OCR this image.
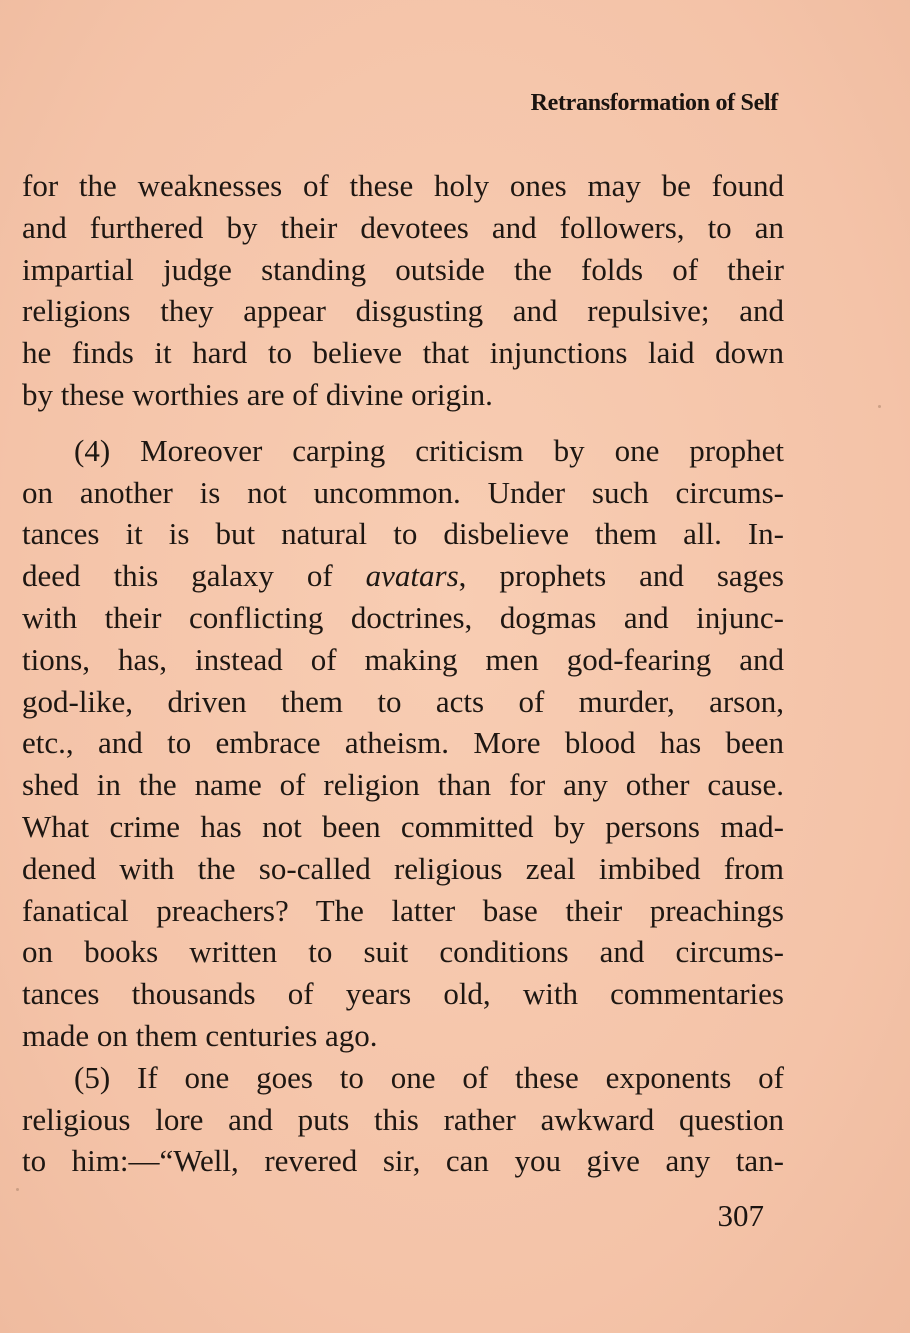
Retransformation of Self
for the weaknesses of these holy ones may be found
and furthered by their devotees and followers, to an
impartial judge standing outside the folds of their
religions they appear disgusting and repulsive; and
he finds it hard to believe that injunctions laid down
by these worthies are of divine origin.
(4) Moreover carping criticism by one prophet
on another is not uncommon. Under such circums-
tances it is but natural to disbelieve them all. In-
deed this galaxy of avatars, prophets and sages
with their conflicting doctrines, dogmas and injunc-
tions, has, instead of making men god-fearing and
god-like, driven them to acts of murder, arson,
etc., and to embrace atheism. More blood has been
shed in the name of religion than for any other cause.
What crime has not been committed by persons mad-
dened with the so-called religious zeal imbibed from
fanatical preachers? The latter base their preachings
on books written to suit conditions and circums-
tances thousands of years old, with commentaries
made on them centuries ago.
(5) If one goes to one of these exponents of
religious lore and puts this rather awkward question
to him:—“Well, revered sir, can you give any tan-
307
